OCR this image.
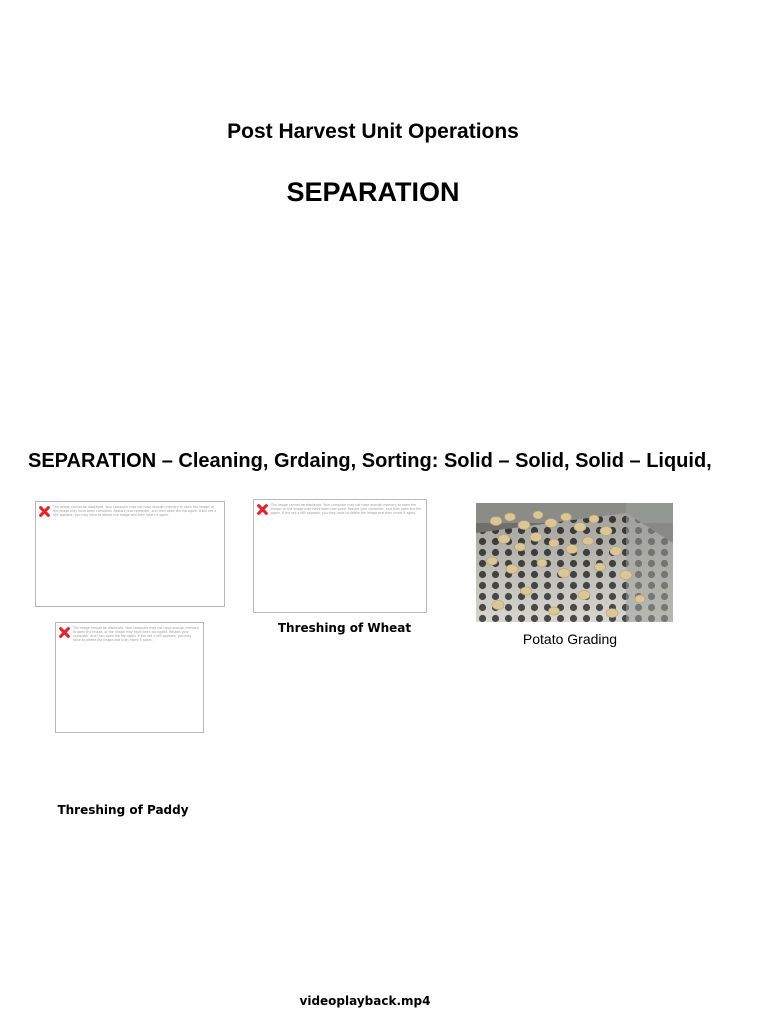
Post Harvest Unit Operations
SEPARATION
SEPARATION – Cleaning, Grdaing, Sorting: Solid – Solid, Solid – Liquid,
The image cannot be displayed. Your computer may not have enough memory to open the image, or the image may have been corrupted. Restart your computer, and then open the file again. If the red x still appears, you may have to delete the image and then insert it again.
The image cannot be displayed. Your computer may not have enough memory to open the image, or the image may have been corrupted. Restart your computer, and then open the file again. If the red x still appears, you may have to delete the image and then insert it again.
Threshing of Wheat
Potato Grading
The image cannot be displayed. Your computer may not have enough memory to open the image, or the image may have been corrupted. Restart your computer, and then open the file again. If the red x still appears, you may have to delete the image and then insert it again.
Threshing of Paddy
videoplayback.mp4
